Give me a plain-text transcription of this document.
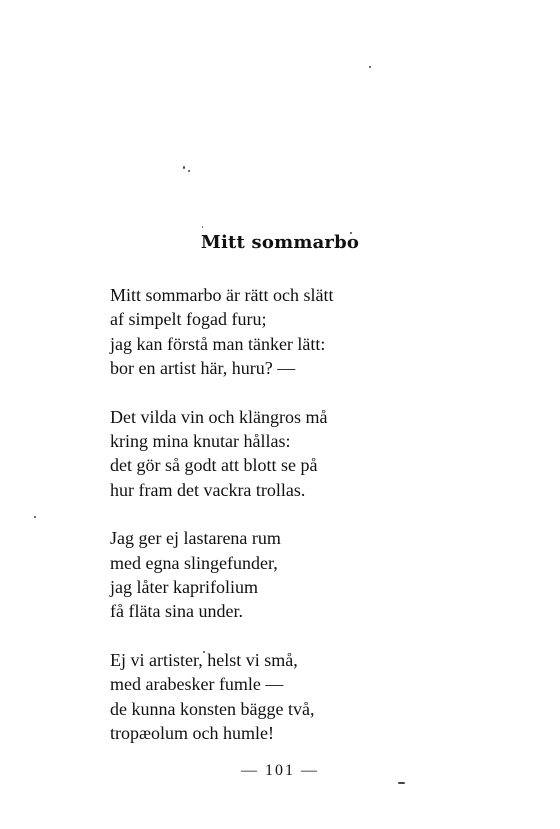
Mitt sommarbo
Mitt sommarbo är rätt och slätt
af simpelt fogad furu;
jag kan förstå man tänker lätt:
bor en artist här, huru? —
Det vilda vin och klängros må
kring mina knutar hållas:
det gör så godt att blott se på
hur fram det vackra trollas.
Jag ger ej lastarena rum
med egna slingefunder,
jag låter kaprifolium
få fläta sina under.
Ej vi artister, helst vi små,
med arabesker fumle —
de kunna konsten bägge två,
tropæolum och humle!
— 101 —
